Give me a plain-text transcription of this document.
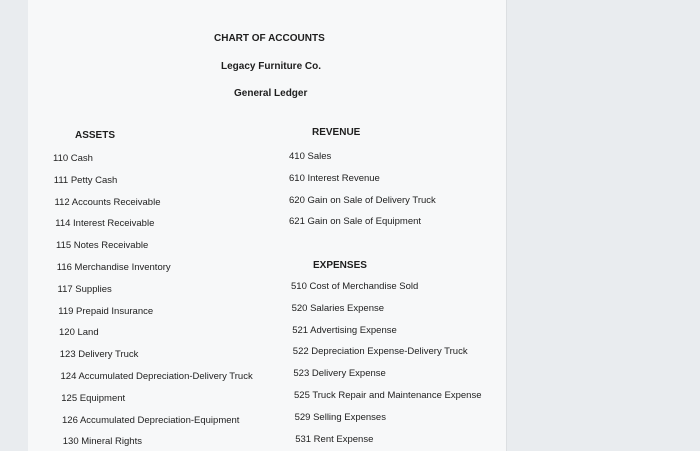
CHART OF ACCOUNTS
Legacy Furniture Co.
General Ledger
ASSETS	REVENUE
EXPENSES
110 Cash
111 Petty Cash
112 Accounts Receivable
114 Interest Receivable
115 Notes Receivable
116 Merchandise Inventory
117 Supplies
119 Prepaid Insurance
120 Land
123 Delivery Truck
124 Accumulated Depreciation-Delivery Truck
125 Equipment
126 Accumulated Depreciation-Equipment
130 Mineral Rights
410 Sales
610 Interest Revenue
620 Gain on Sale of Delivery Truck
621 Gain on Sale of Equipment
510 Cost of Merchandise Sold
520 Salaries Expense
521 Advertising Expense
522 Depreciation Expense-Delivery Truck
523 Delivery Expense
525 Truck Repair and Maintenance Expense
529 Selling Expenses
531 Rent Expense
